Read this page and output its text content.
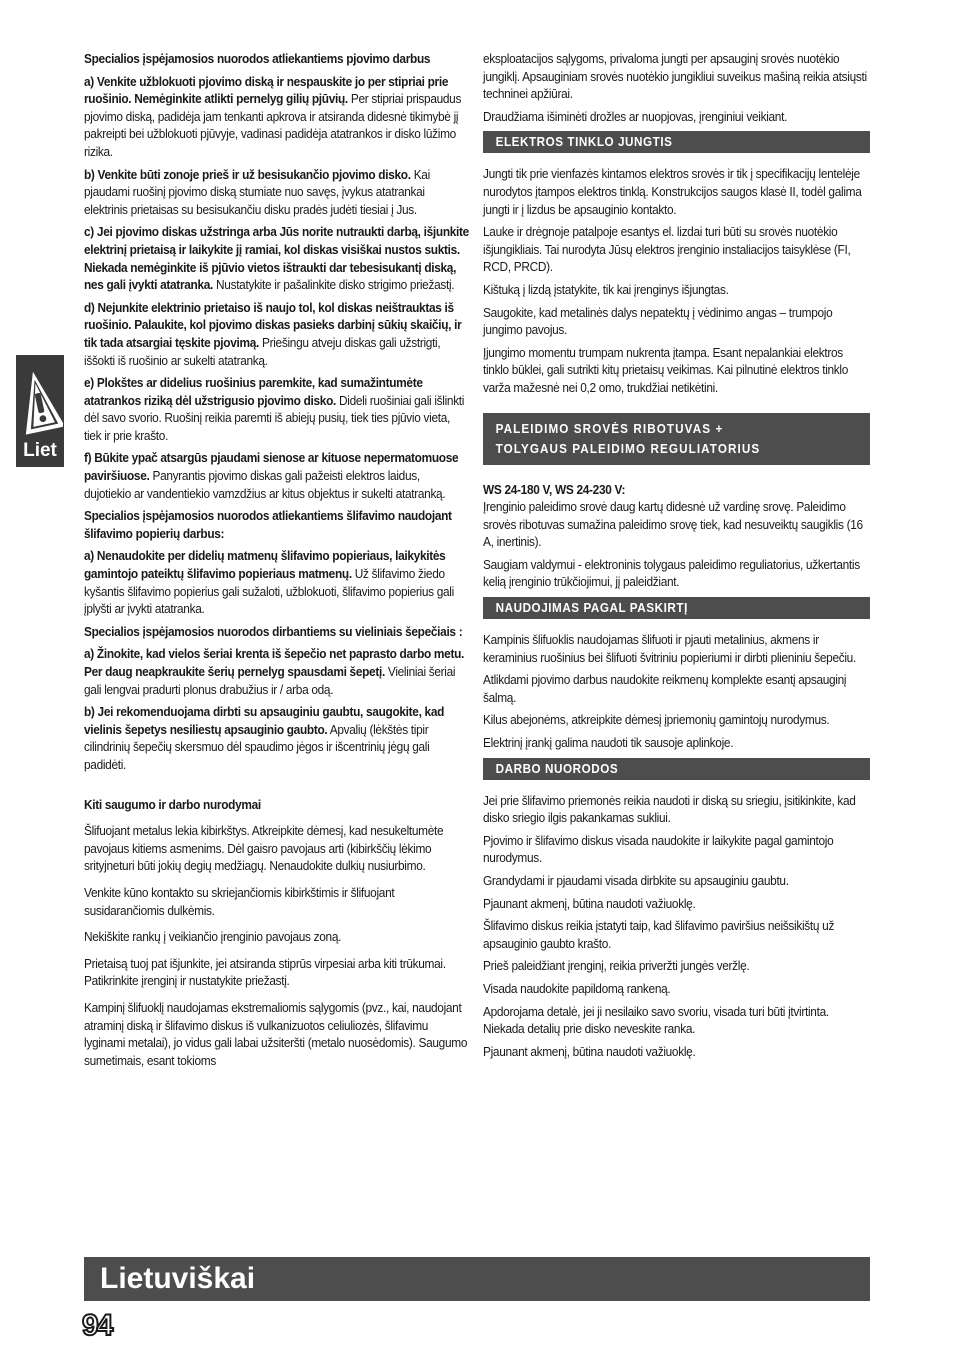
Liet

Specialios įspėjamosios nuorodos atliekantiems pjovimo darbus

a) Venkite užblokuoti pjovimo diską ir nespauskite jo per stipriai prie ruošinio. Nemėginkite atlikti pernelyg gilių pjūvių. Per stipriai prispaudus pjovimo diską, padidėja jam tenkanti apkrova ir atsiranda didesnė tikimybė jį pakreipti bei užblokuoti pjūvyje, vadinasi padidėja atatrankos ir disko lūžimo rizika.

b) Venkite būti zonoje prieš ir už besisukančio pjovimo disko. Kai pjaudami ruošinį pjovimo diską stumiate nuo savęs, įvykus atatrankai elektrinis prietaisas su besisukančiu disku pradės judėti tiesiai į Jus.

c) Jei pjovimo diskas užstringa arba Jūs norite nutraukti darbą, išjunkite elektrinį prietaisą ir laikykite jį ramiai, kol diskas visiškai nustos suktis. Niekada nemėginkite iš pjūvio vietos ištraukti dar tebesisukantį diską, nes gali įvykti atatranka. Nustatykite ir pašalinkite disko strigimo priežastį.

d) Nejunkite elektrinio prietaiso iš naujo tol, kol diskas neištrauktas iš ruošinio. Palaukite, kol pjovimo diskas pasieks darbinį sūkių skaičių, ir tik tada atsargiai tęskite pjovimą. Priešingu atveju diskas gali užstrigti, iššokti iš ruošinio ar sukelti atatranką.

e) Plokštes ar didelius ruošinius paremkite, kad sumažintumėte atatrankos riziką dėl užstrigusio pjovimo disko. Dideli ruošiniai gali išlinkti dėl savo svorio. Ruošinį reikia paremti iš abiejų pusių, tiek ties pjūvio vieta, tiek ir prie krašto.

f) Būkite ypač atsargūs pjaudami sienose ar kituose nepermatomuose paviršiuose. Panyrantis pjovimo diskas gali pažeisti elektros laidus, dujotiekio ar vandentiekio vamzdžius ar kitus objektus ir sukelti atatranką.

Specialios įspėjamosios nuorodos atliekantiems šlifavimo naudojant šlifavimo popierių darbus:

a) Nenaudokite per didelių matmenų šlifavimo popieriaus, laikykitės gamintojo pateiktų šlifavimo popieriaus matmenų. Už šlifavimo žiedo kyšantis šlifavimo popierius gali sužaloti, užblokuoti, šlifavimo popierius gali įplyšti ar įvykti atatranka.

Specialios įspėjamosios nuorodos dirbantiems su vieliniais šepečiais :

a) Žinokite, kad vielos šeriai krenta iš šepečio net paprasto darbo metu. Per daug neapkraukite šerių pernelyg spausdami šepetį. Vieliniai šeriai gali lengvai pradurti plonus drabužius ir / arba odą.

b) Jei rekomenduojama dirbti su apsauginiu gaubtu, saugokite, kad vielinis šepetys nesiliestų apsauginio gaubto. Apvalių (lėkštės tipir cilindrinių šepečių skersmuo dėl spaudimo jėgos ir išcentrinių jėgų gali padidėti.

Kiti saugumo ir darbo nurodymai

Šlifuojant metalus lekia kibirkštys. Atkreipkite dėmesį, kad nesukeltumėte pavojaus kitiems asmenims. Dėl gaisro pavojaus arti (kibirkščių lėkimo srityjneturi būti jokių degių medžiagų. Nenaudokite dulkių nusiurbimo.

Venkite kūno kontakto su skriejančiomis kibirkštimis ir šlifuojant susidarančiomis dulkėmis.

Nekiškite rankų į veikiančio įrenginio pavojaus zoną.

Prietaisą tuoj pat išjunkite, jei atsiranda stiprūs virpesiai arba kiti trūkumai. Patikrinkite įrenginį ir nustatykite priežastį.

Kampinį šlifuoklį naudojamas ekstremaliomis sąlygomis (pvz., kai, naudojant atraminį diską ir šlifavimo diskus iš vulkanizuotos celiuliozės, šlifavimu lyginami metalai), jo vidus gali labai užsiteršti (metalo nuosėdomis). Saugumo sumetimais, esant tokioms

eksploatacijos sąlygoms, privaloma jungti per apsauginį srovės nuotėkio jungiklį. Apsauginiam srovės nuotėkio jungikliui suveikus mašiną reikia atsiųsti techninei apžiūrai.

Draudžiama išiminėti drožles ar nuopjovas, įrenginiui veikiant.

ELEKTROS TINKLO JUNGTIS

Jungti tik prie vienfazės kintamos elektros srovės ir tik į specifikacijų lentelėje nurodytos įtampos elektros tinklą. Konstrukcijos saugos klasė II, todėl galima jungti ir į lizdus be apsauginio kontakto.

Lauke ir drėgnoje patalpoje esantys el. lizdai turi būti su srovės nuotėkio išjungikliais. Tai nurodyta Jūsų elektros įrenginio instaliacijos taisyklėse (FI, RCD, PRCD).

Kištuką į lizdą įstatykite, tik kai įrenginys išjungtas.

Saugokite, kad metalinės dalys nepatektų į vėdinimo angas – trumpojo jungimo pavojus.

Įjungimo momentu trumpam nukrenta įtampa. Esant nepalankiai elektros tinklo būklei, gali sutrikti kitų prietaisų veikimas. Kai pilnutinė elektros tinklo varža mažesnė nei 0,2 omo, trukdžiai netikėtini.

PALEIDIMO SROVĖS RIBOTUVAS +
TOLYGAUS PALEIDIMO REGULIATORIUS

WS 24-180 V, WS 24-230 V:

Įrenginio paleidimo srovė daug kartų didesnė už vardinę srovę. Paleidimo srovės ribotuvas sumažina paleidimo srovę tiek, kad nesuveiktų saugiklis (16 A, inertinis).

Saugiam valdymui - elektroninis tolygaus paleidimo reguliatorius, užkertantis kelią įrenginio trūkčiojimui, jį paleidžiant.

NAUDOJIMAS PAGAL PASKIRTĮ

Kampinis šlifuoklis naudojamas šlifuoti ir pjauti metalinius, akmens ir keraminius ruošinius bei šlifuoti švitriniu popieriumi ir dirbti plieniniu šepečiu.

Atlikdami pjovimo darbus naudokite reikmenų komplekte esantį apsauginį šalmą.

Kilus abejonėms, atkreipkite dėmesį įpriemonių gamintojų nurodymus.

Elektrinį įrankį galima naudoti tik sausoje aplinkoje.

DARBO NUORODOS

Jei prie šlifavimo priemonės reikia naudoti ir diską su sriegiu, įsitikinkite, kad disko sriegio ilgis pakankamas sukliui.

Pjovimo ir šlifavimo diskus visada naudokite ir laikykite pagal gamintojo nurodymus.

Grandydami ir pjaudami visada dirbkite su apsauginiu gaubtu.

Pjaunant akmenį, būtina naudoti važiuoklę.

Šlifavimo diskus reikia įstatyti taip, kad šlifavimo paviršius neišsikištų už apsauginio gaubto krašto.

Prieš paleidžiant įrenginį, reikia priveržti jungės veržlę.

Visada naudokite papildomą rankeną.

Apdorojama detalė, jei ji nesilaiko savo svoriu, visada turi būti įtvirtinta. Niekada detalių prie disko neveskite ranka.

Pjaunant akmenį, būtina naudoti važiuoklę.

Lietuviškai
94
